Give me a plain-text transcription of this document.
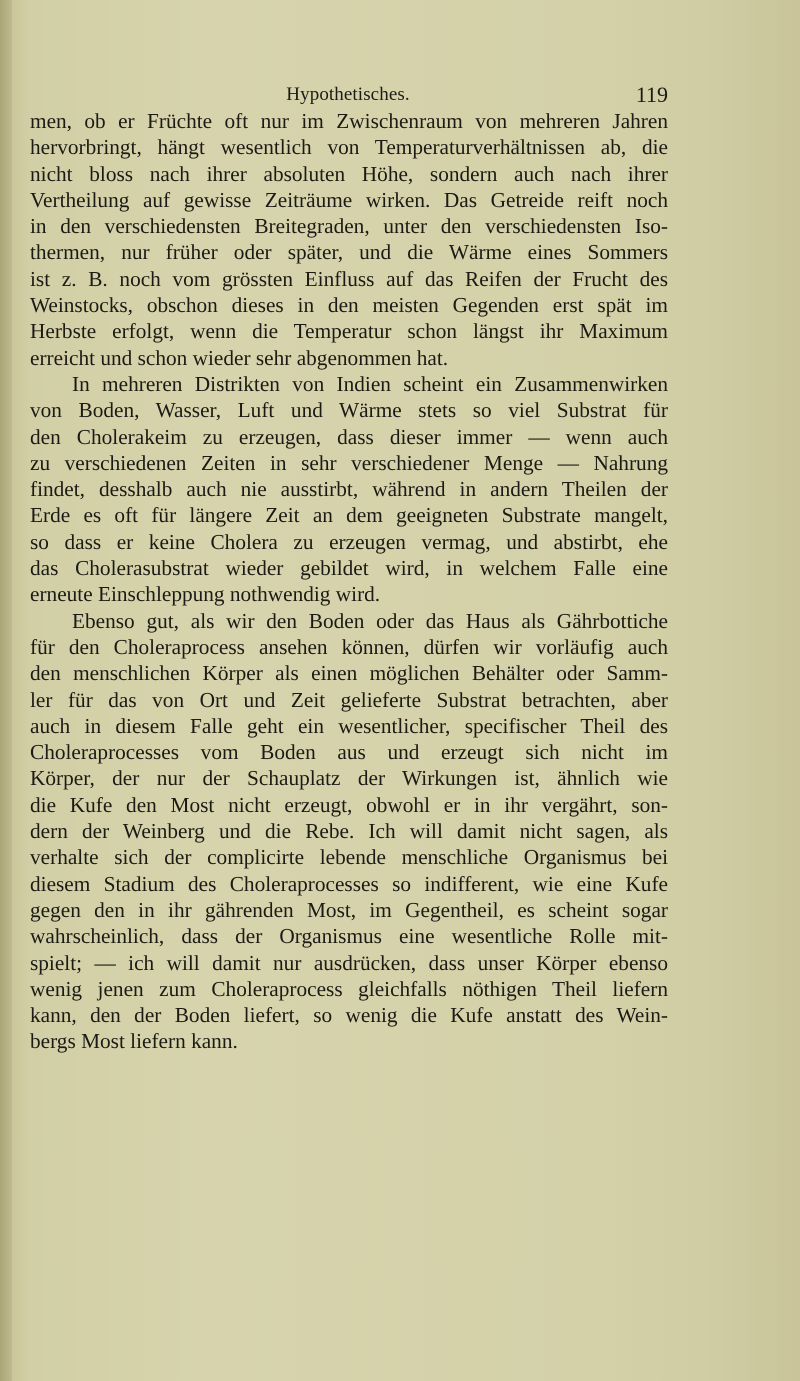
Hypothetisches.	119
men, ob er Früchte oft nur im Zwischenraum von mehreren Jahren
hervorbringt, hängt wesentlich von Temperaturverhältnissen ab, die
nicht bloss nach ihrer absoluten Höhe, sondern auch nach ihrer
Vertheilung auf gewisse Zeiträume wirken. Das Getreide reift noch
in den verschiedensten Breitegraden, unter den verschiedensten Iso-
thermen, nur früher oder später, und die Wärme eines Sommers
ist z. B. noch vom grössten Einfluss auf das Reifen der Frucht des
Weinstocks, obschon dieses in den meisten Gegenden erst spät im
Herbste erfolgt, wenn die Temperatur schon längst ihr Maximum
erreicht und schon wieder sehr abgenommen hat.
In mehreren Distrikten von Indien scheint ein Zusammenwirken
von Boden, Wasser, Luft und Wärme stets so viel Substrat für
den Cholerakeim zu erzeugen, dass dieser immer — wenn auch
zu verschiedenen Zeiten in sehr verschiedener Menge — Nahrung
findet, desshalb auch nie ausstirbt, während in andern Theilen der
Erde es oft für längere Zeit an dem geeigneten Substrate mangelt,
so dass er keine Cholera zu erzeugen vermag, und abstirbt, ehe
das Cholerasubstrat wieder gebildet wird, in welchem Falle eine
erneute Einschleppung nothwendig wird.
Ebenso gut, als wir den Boden oder das Haus als Gährbottiche
für den Choleraprocess ansehen können, dürfen wir vorläufig auch
den menschlichen Körper als einen möglichen Behälter oder Samm-
ler für das von Ort und Zeit gelieferte Substrat betrachten, aber
auch in diesem Falle geht ein wesentlicher, specifischer Theil des
Choleraprocesses vom Boden aus und erzeugt sich nicht im
Körper, der nur der Schauplatz der Wirkungen ist, ähnlich wie
die Kufe den Most nicht erzeugt, obwohl er in ihr vergährt, son-
dern der Weinberg und die Rebe. Ich will damit nicht sagen, als
verhalte sich der complicirte lebende menschliche Organismus bei
diesem Stadium des Choleraprocesses so indifferent, wie eine Kufe
gegen den in ihr gährenden Most, im Gegentheil, es scheint sogar
wahrscheinlich, dass der Organismus eine wesentliche Rolle mit-
spielt; — ich will damit nur ausdrücken, dass unser Körper ebenso
wenig jenen zum Choleraprocess gleichfalls nöthigen Theil liefern
kann, den der Boden liefert, so wenig die Kufe anstatt des Wein-
bergs Most liefern kann.
